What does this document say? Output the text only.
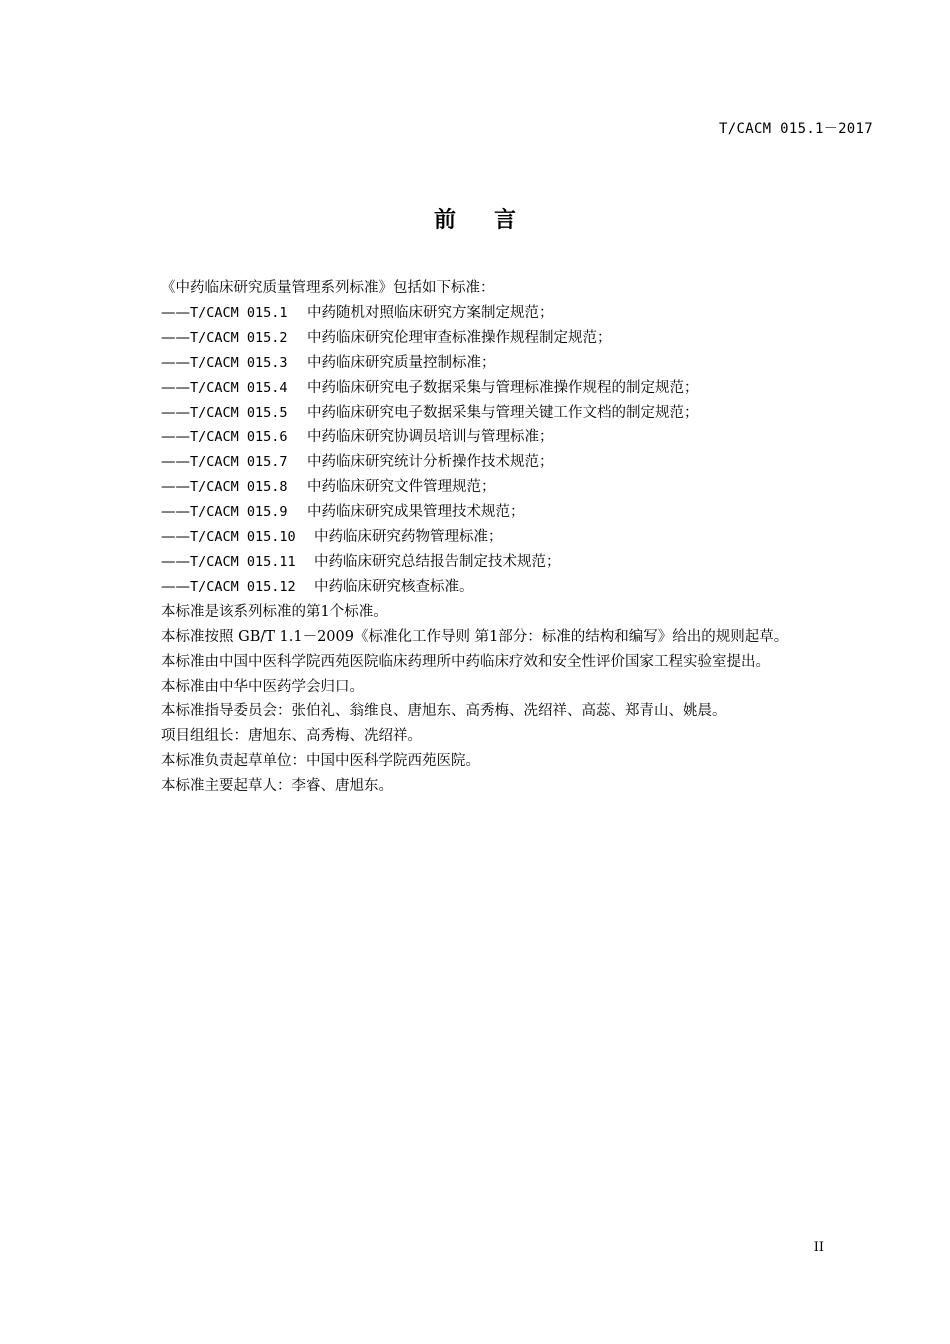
T/CACM 015.1－2017
前言

《中药临床研究质量管理系列标准》包括如下标准：

——T/CACM 015.1 中药随机对照临床研究方案制定规范；
——T/CACM 015.2 中药临床研究伦理审查标准操作规程制定规范；
——T/CACM 015.3 中药临床研究质量控制标准；
——T/CACM 015.4 中药临床研究电子数据采集与管理标准操作规程的制定规范；
——T/CACM 015.5 中药临床研究电子数据采集与管理关键工作文档的制定规范；
——T/CACM 015.6 中药临床研究协调员培训与管理标准；
——T/CACM 015.7 中药临床研究统计分析操作技术规范；
——T/CACM 015.8 中药临床研究文件管理规范；
——T/CACM 015.9 中药临床研究成果管理技术规范；
——T/CACM 015.10 中药临床研究药物管理标准；
——T/CACM 015.11 中药临床研究总结报告制定技术规范；
——T/CACM 015.12 中药临床研究核查标准。

本标准是该系列标准的第1个标准。

本标准按照 GB/T 1.1－2009《标准化工作导则 第1部分：标准的结构和编写》给出的规则起草。

本标准由中国中医科学院西苑医院临床药理所中药临床疗效和安全性评价国家工程实验室提出。

本标准由中华中医药学会归口。

本标准指导委员会：张伯礼、翁维良、唐旭东、高秀梅、冼绍祥、高蕊、郑青山、姚晨。

项目组组长：唐旭东、高秀梅、冼绍祥。

本标准负责起草单位：中国中医科学院西苑医院。

本标准主要起草人：李睿、唐旭东。

II
